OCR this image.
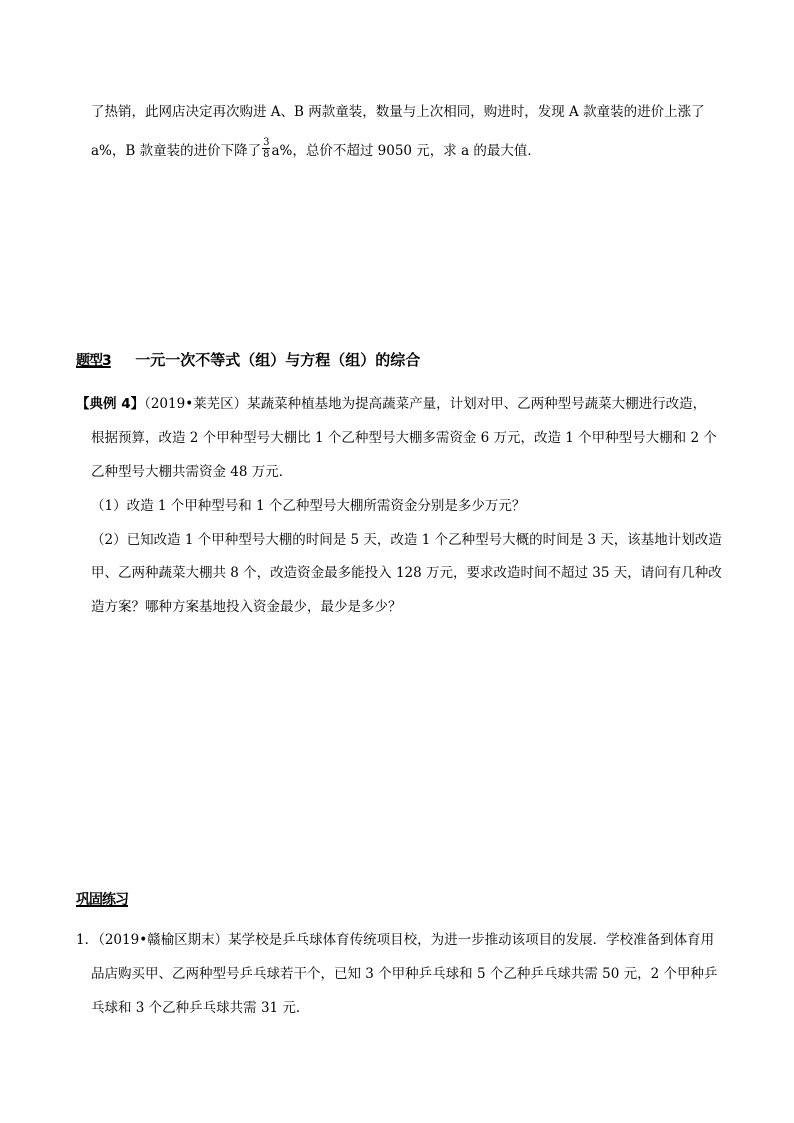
了热销，此网店决定再次购进 A、B 两款童装，数量与上次相同，购进时，发现 A 款童装的进价上涨了
a%，B 款童装的进价下降了 $\frac{3}{8} a\%$，总价不超过 9050 元，求 a 的最大值．
题型3 一元一次不等式（组）与方程（组）的综合
【典例 4】（2019•莱芜区）某蔬菜种植基地为提高蔬菜产量，计划对甲、乙两种型号蔬菜大棚进行改造，
根据预算，改造 2 个甲种型号大棚比 1 个乙种型号大棚多需资金 6 万元，改造 1 个甲种型号大棚和 2 个
乙种型号大棚共需资金 48 万元．
（1）改造 1 个甲种型号和 1 个乙种型号大棚所需资金分别是多少万元？
（2）已知改造 1 个甲种型号大棚的时间是 5 天，改造 1 个乙种型号大概的时间是 3 天，该基地计划改造
甲、乙两种蔬菜大棚共 8 个，改造资金最多能投入 128 万元，要求改造时间不超过 35 天，请问有几种改
造方案？哪种方案基地投入资金最少，最少是多少？
巩固练习
1．（2019•赣榆区期末）某学校是乒乓球体育传统项目校，为进一步推动该项目的发展．学校准备到体育用
品店购买甲、乙两种型号乒乓球若干个，已知 3 个甲种乒乓球和 5 个乙种乒乓球共需 50 元，2 个甲种乒
乓球和 3 个乙种乒乓球共需 31 元．
